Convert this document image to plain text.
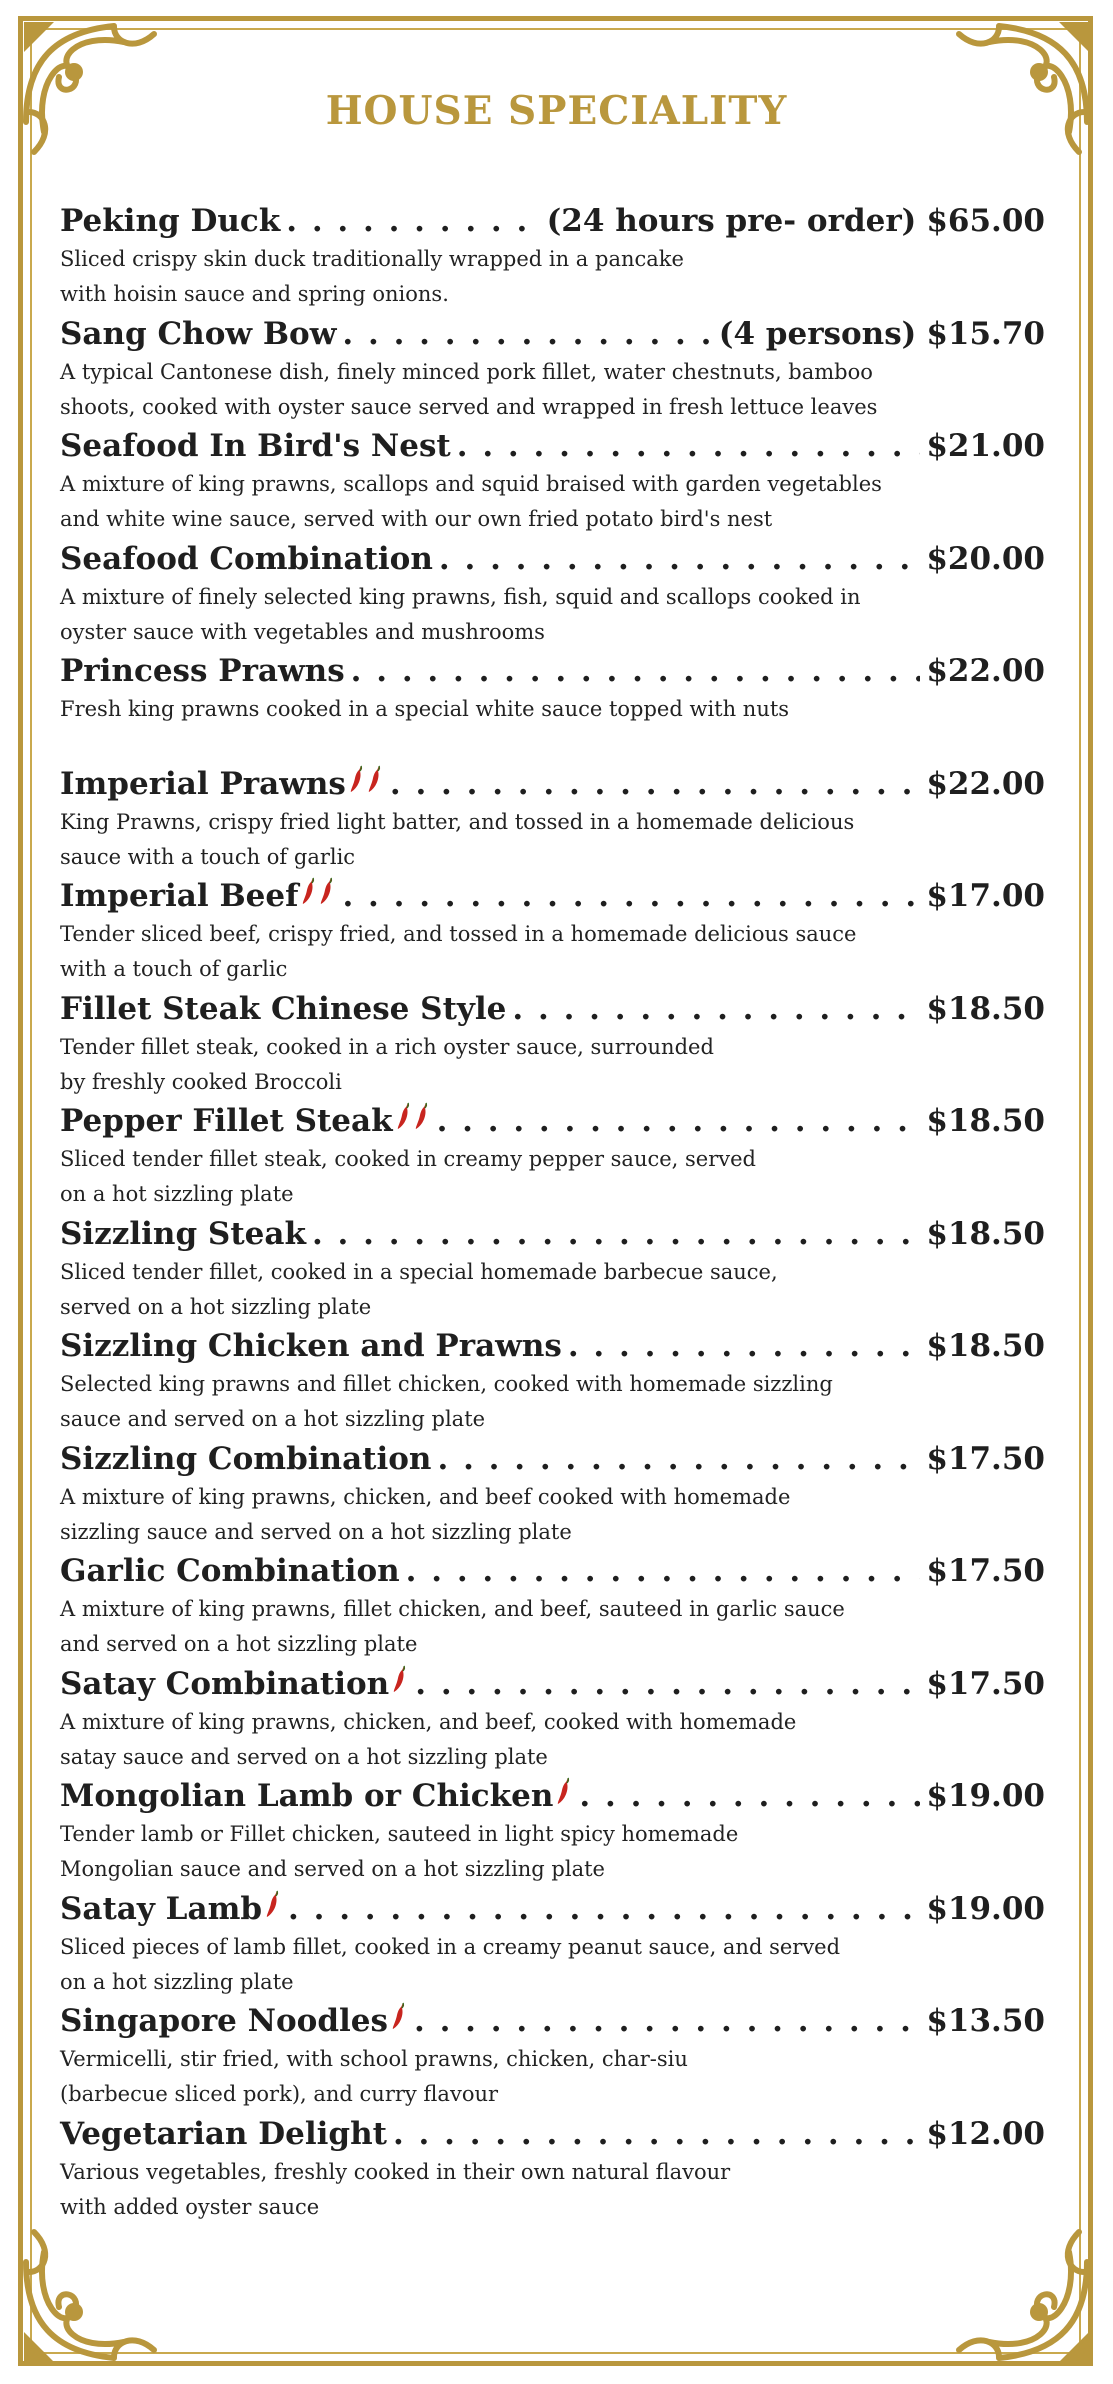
HOUSE SPECIALITY
Peking Duck . . .	(24 hours pre- order) $65.00
Sliced crispy skin duck traditionally wrapped in a pancake
with hoisin sauce and spring onions.
Sang Chow Bow . . .	(4 persons) $15.70
A typical Cantonese dish, finely minced pork fillet, water chestnuts, bamboo
shoots, cooked with oyster sauce served and wrapped in fresh lettuce leaves
Seafood In Bird's Nest . . .	$21.00
A mixture of king prawns, scallops and squid braised with garden vegetables
and white wine sauce, served with our own fried potato bird's nest
Seafood Combination . . .	$20.00
A mixture of finely selected king prawns, fish, squid and scallops cooked in
oyster sauce with vegetables and mushrooms
Princess Prawns . . .	$22.00
Fresh king prawns cooked in a special white sauce topped with nuts
Imperial Prawns . . .	$22.00
King Prawns, crispy fried light batter, and tossed in a homemade delicious
sauce with a touch of garlic
Imperial Beef . . .	$17.00
Tender sliced beef, crispy fried, and tossed in a homemade delicious sauce
with a touch of garlic
Fillet Steak Chinese Style . . .	$18.50
Tender fillet steak, cooked in a rich oyster sauce, surrounded
by freshly cooked Broccoli
Pepper Fillet Steak . . .	$18.50
Sliced tender fillet steak, cooked in creamy pepper sauce, served
on a hot sizzling plate
Sizzling Steak . . .	$18.50
Sliced tender fillet, cooked in a special homemade barbecue sauce,
served on a hot sizzling plate
Sizzling Chicken and Prawns . . .	$18.50
Selected king prawns and fillet chicken, cooked with homemade sizzling
sauce and served on a hot sizzling plate
Sizzling Combination . . .	$17.50
A mixture of king prawns, chicken, and beef cooked with homemade
sizzling sauce and served on a hot sizzling plate
Garlic Combination . . .	$17.50
A mixture of king prawns, fillet chicken, and beef, sauteed in garlic sauce
and served on a hot sizzling plate
Satay Combination . . .	$17.50
A mixture of king prawns, chicken, and beef, cooked with homemade
satay sauce and served on a hot sizzling plate
Mongolian Lamb or Chicken . . .	$19.00
Tender lamb or Fillet chicken, sauteed in light spicy homemade
Mongolian sauce and served on a hot sizzling plate
Satay Lamb . . .	$19.00
Sliced pieces of lamb fillet, cooked in a creamy peanut sauce, and served
on a hot sizzling plate
Singapore Noodles . . .	$13.50
Vermicelli, stir fried, with school prawns, chicken, char-siu
(barbecue sliced pork), and curry flavour
Vegetarian Delight . . .	$12.00
Various vegetables, freshly cooked in their own natural flavour
with added oyster sauce
